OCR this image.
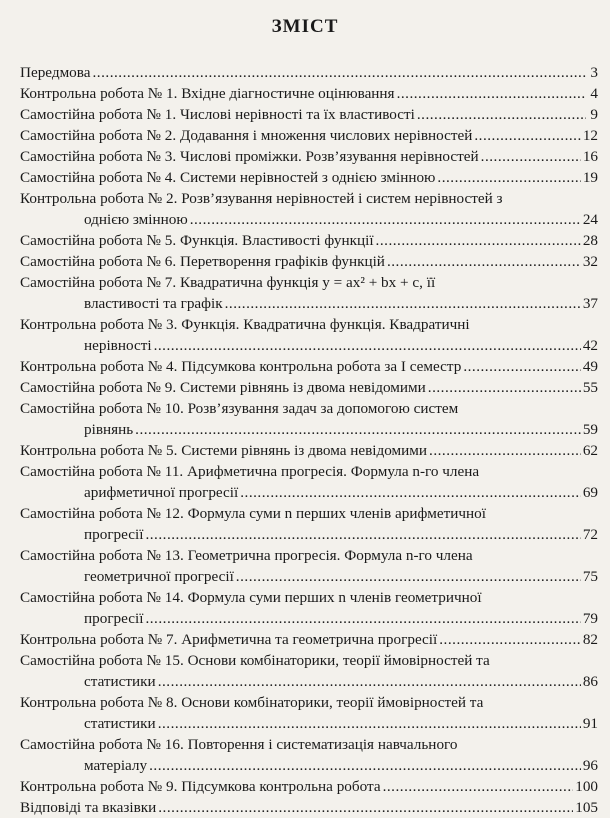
ЗМІСТ
Передмова .....	3
Контрольна робота № 1. Вхідне діагностичне оцінювання .....	4
Самостійна робота № 1. Числові нерівності та їх властивості .....	9
Самостійна робота № 2. Додавання і множення числових нерівностей .....	12
Самостійна робота № 3. Числові проміжки. Розв’язування нерівностей .....	16
Самостійна робота № 4. Системи нерівностей з однією змінною .....	19
Контрольна робота № 2. Розв’язування нерівностей і систем нерівностей з
однією змінною .....	24
Самостійна робота № 5. Функція. Властивості функції .....	28
Самостійна робота № 6. Перетворення графіків функцій .....	32
Самостійна робота № 7. Квадратична функція y = ax² + bx + c, її
властивості та графік .....	37
Контрольна робота № 3. Функція. Квадратична функція. Квадратичні
нерівності .....	42
Контрольна робота № 4. Підсумкова контрольна робота за I семестр .....	49
Самостійна робота № 9. Системи рівнянь із двома невідомими .....	55
Самостійна робота № 10. Розв’язування задач за допомогою систем
рівнянь .....	59
Контрольна робота № 5. Системи рівнянь із двома невідомими .....	62
Самостійна робота № 11. Арифметична прогресія. Формула n-го члена
арифметичної прогресії .....	69
Самостійна робота № 12. Формула суми n перших членів арифметичної
прогресії .....	72
Самостійна робота № 13. Геометрична прогресія. Формула n-го члена
геометричної прогресії .....	75
Самостійна робота № 14. Формула суми перших n членів геометричної
прогресії .....	79
Контрольна робота № 7. Арифметична та геометрична прогресії .....	82
Самостійна робота № 15. Основи комбінаторики, теорії ймовірностей та
статистики .....	86
Контрольна робота № 8. Основи комбінаторики, теорії ймовірностей та
статистики .....	91
Самостійна робота № 16. Повторення і систематизація навчального
матеріалу .....	96
Контрольна робота № 9. Підсумкова контрольна робота .....	100
Відповіді та вказівки .....	105
